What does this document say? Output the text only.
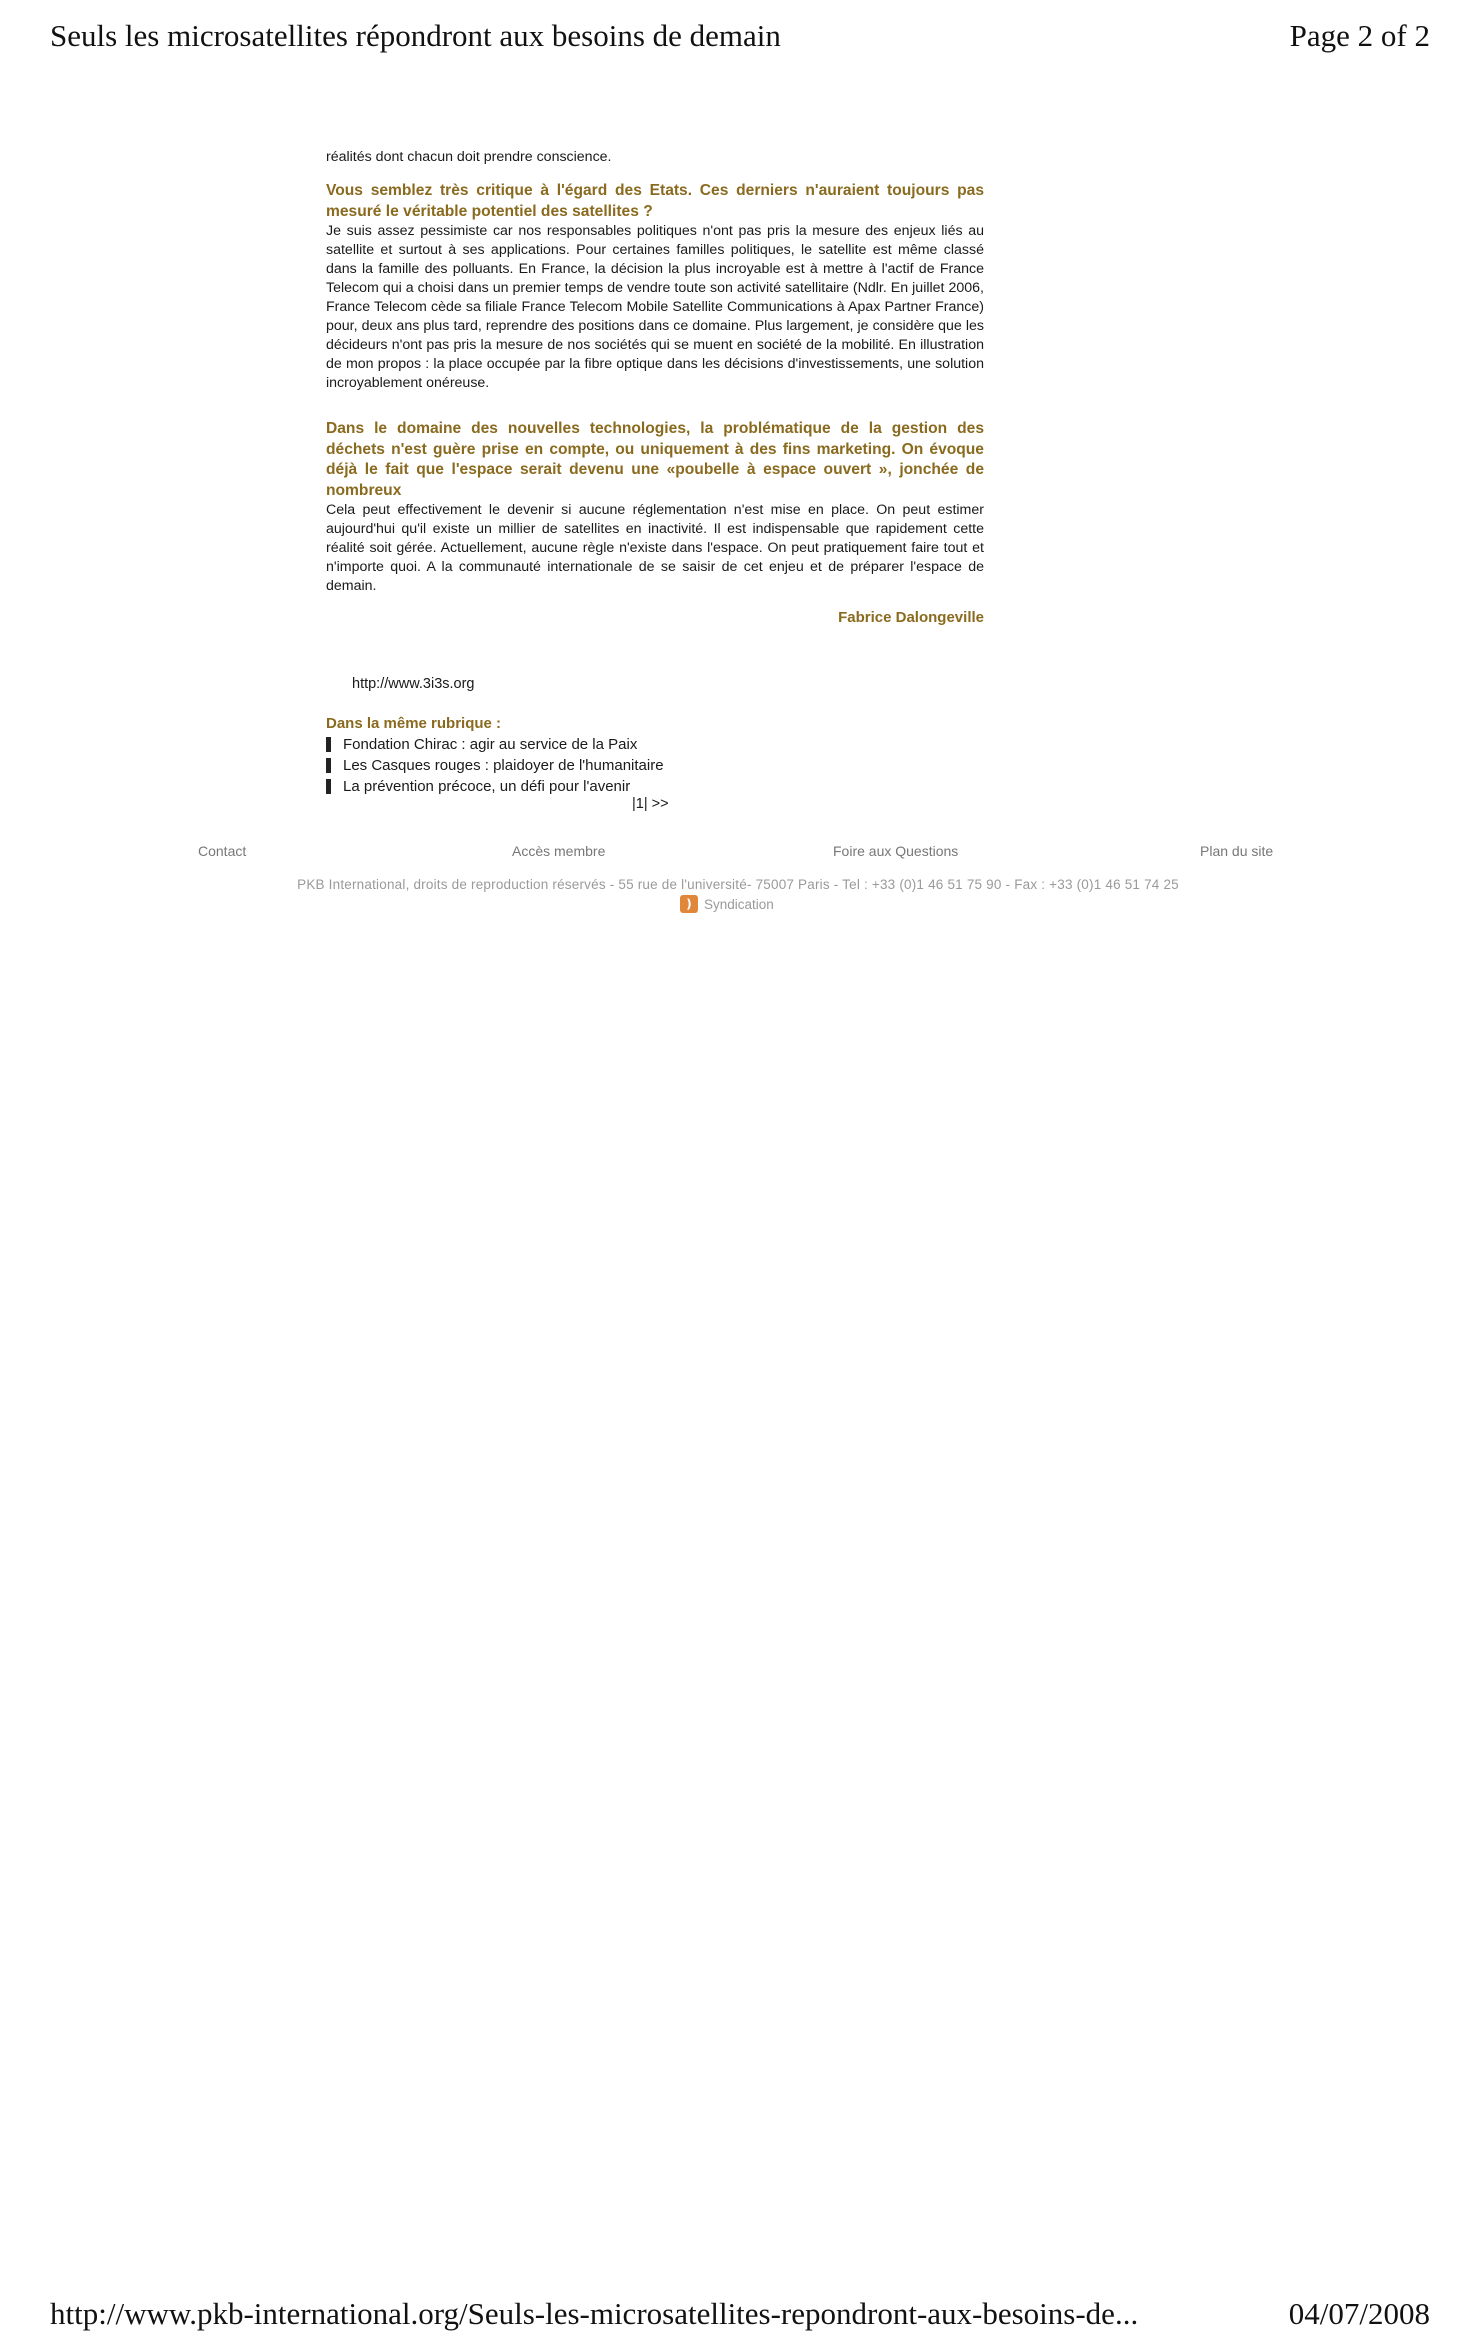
Seuls les microsatellites répondront aux besoins de demain	Page 2 of 2

réalités dont chacun doit prendre conscience.

Vous semblez très critique à l'égard des Etats. Ces derniers n'auraient toujours pas mesuré le véritable potentiel des satellites ?

Je suis assez pessimiste car nos responsables politiques n'ont pas pris la mesure des enjeux liés au satellite et surtout à ses applications. Pour certaines familles politiques, le satellite est même classé dans la famille des polluants. En France, la décision la plus incroyable est à mettre à l'actif de France Telecom qui a choisi dans un premier temps de vendre toute son activité satellitaire (Ndlr. En juillet 2006, France Telecom cède sa filiale France Telecom Mobile Satellite Communications à Apax Partner France) pour, deux ans plus tard, reprendre des positions dans ce domaine. Plus largement, je considère que les décideurs n'ont pas pris la mesure de nos sociétés qui se muent en société de la mobilité. En illustration de mon propos : la place occupée par la fibre optique dans les décisions d'investissements, une solution incroyablement onéreuse.

Dans le domaine des nouvelles technologies, la problématique de la gestion des déchets n'est guère prise en compte, ou uniquement à des fins marketing. On évoque déjà le fait que l'espace serait devenu une «poubelle à espace ouvert », jonchée de nombreux

Cela peut effectivement le devenir si aucune réglementation n'est mise en place. On peut estimer aujourd'hui qu'il existe un millier de satellites en inactivité. Il est indispensable que rapidement cette réalité soit gérée. Actuellement, aucune règle n'existe dans l'espace. On peut pratiquement faire tout et n'importe quoi. A la communauté internationale de se saisir de cet enjeu et de préparer l'espace de demain.

Fabrice Dalongeville
http://www.3i3s.org
Dans la même rubrique :
Fondation Chirac : agir au service de la Paix
Les Casques rouges : plaidoyer de l'humanitaire
La prévention précoce, un défi pour l'avenir
|1| >>
Contact	Accès membre	Foire aux Questions	Plan du site
PKB International, droits de reproduction réservés - 55 rue de l'université- 75007 Paris - Tel : +33 (0)1 46 51 75 90 - Fax : +33 (0)1 46 51 74 25
) Syndication
http://www.pkb-international.org/Seuls-les-microsatellites-repondront-aux-besoins-de...	04/07/2008
